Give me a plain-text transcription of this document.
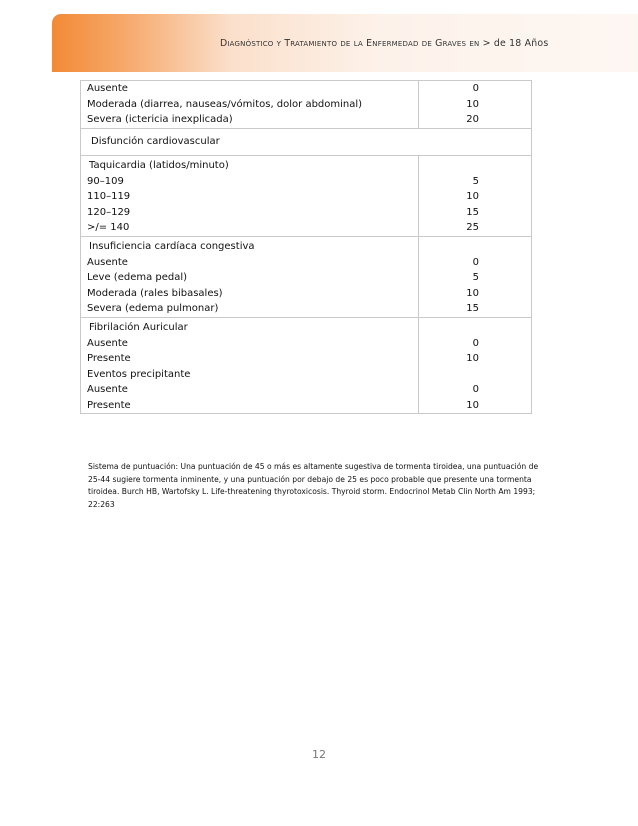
Diagnóstico y Tratamiento de la Enfermedad de Graves en > de 18 Años
Ausente
Moderada (diarrea, nauseas/vómitos, dolor abdominal)
Severa (ictericia inexplicada)
0
10
20
Disfunción cardiovascular
Taquicardia (latidos/minuto)
90–109
110–119
120–129
>/= 140
5
10
15
25
Insuficiencia cardíaca congestiva
Ausente
Leve (edema pedal)
Moderada (rales bibasales)
Severa (edema pulmonar)
0
5
10
15
Fibrilación Auricular
Ausente
Presente
Eventos precipitante
Ausente
Presente
0
10
0
10
Sistema de puntuación: Una puntuación de 45 o más es altamente sugestiva de tormenta tiroidea, una puntuación de 25-44 sugiere tormenta inminente, y una puntuación por debajo de 25 es poco probable que presente una tormenta tiroidea. Burch HB, Wartofsky L. Life-threatening thyrotoxicosis. Thyroid storm. Endocrinol Metab Clin North Am 1993; 22:263
12
